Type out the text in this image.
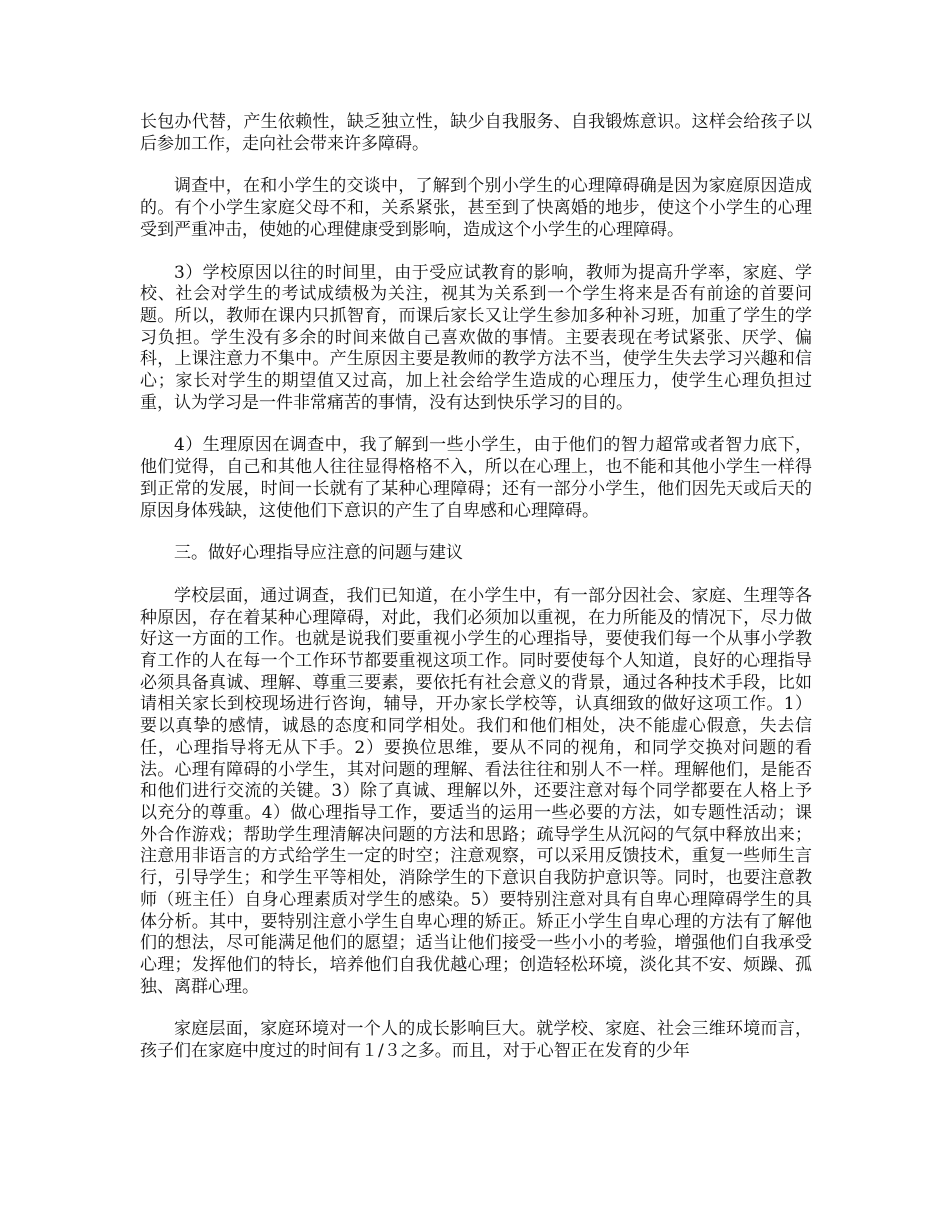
长包办代替，产生依赖性，缺乏独立性，缺少自我服务、自我锻炼意识。这样会给孩子以后参加工作，走向社会带来许多障碍。

调查中，在和小学生的交谈中，了解到个别小学生的心理障碍确是因为家庭原因造成的。有个小学生家庭父母不和，关系紧张，甚至到了快离婚的地步，使这个小学生的心理受到严重冲击，使她的心理健康受到影响，造成这个小学生的心理障碍。

3）学校原因以往的时间里，由于受应试教育的影响，教师为提高升学率，家庭、学校、社会对学生的考试成绩极为关注，视其为关系到一个学生将来是否有前途的首要问题。所以，教师在课内只抓智育，而课后家长又让学生参加多种补习班，加重了学生的学习负担。学生没有多余的时间来做自己喜欢做的事情。主要表现在考试紧张、厌学、偏科，上课注意力不集中。产生原因主要是教师的教学方法不当，使学生失去学习兴趣和信心；家长对学生的期望值又过高，加上社会给学生造成的心理压力，使学生心理负担过重，认为学习是一件非常痛苦的事情，没有达到快乐学习的目的。

4）生理原因在调查中，我了解到一些小学生，由于他们的智力超常或者智力底下，他们觉得，自己和其他人往往显得格格不入，所以在心理上，也不能和其他小学生一样得到正常的发展，时间一长就有了某种心理障碍；还有一部分小学生，他们因先天或后天的原因身体残缺，这使他们下意识的产生了自卑感和心理障碍。

三。做好心理指导应注意的问题与建议

学校层面，通过调查，我们已知道，在小学生中，有一部分因社会、家庭、生理等各种原因，存在着某种心理障碍，对此，我们必须加以重视，在力所能及的情况下，尽力做好这一方面的工作。也就是说我们要重视小学生的心理指导，要使我们每一个从事小学教育工作的人在每一个工作环节都要重视这项工作。同时要使每个人知道，良好的心理指导必须具备真诚、理解、尊重三要素，要依托有社会意义的背景，通过各种技术手段，比如请相关家长到校现场进行咨询，辅导，开办家长学校等，认真细致的做好这项工作。1）要以真挚的感情，诚恳的态度和同学相处。我们和他们相处，决不能虚心假意，失去信任，心理指导将无从下手。2）要换位思维，要从不同的视角，和同学交换对问题的看法。心理有障碍的小学生，其对问题的理解、看法往往和别人不一样。理解他们，是能否和他们进行交流的关键。3）除了真诚、理解以外，还要注意对每个同学都要在人格上予以充分的尊重。4）做心理指导工作，要适当的运用一些必要的方法，如专题性活动；课外合作游戏；帮助学生理清解决问题的方法和思路；疏导学生从沉闷的气氛中释放出来；注意用非语言的方式给学生一定的时空；注意观察，可以采用反馈技术，重复一些师生言行，引导学生；和学生平等相处，消除学生的下意识自我防护意识等。同时，也要注意教师（班主任）自身心理素质对学生的感染。5）要特别注意对具有自卑心理障碍学生的具体分析。其中，要特别注意小学生自卑心理的矫正。矫正小学生自卑心理的方法有了解他们的想法，尽可能满足他们的愿望；适当让他们接受一些小小的考验，增强他们自我承受心理；发挥他们的特长，培养他们自我优越心理；创造轻松环境，淡化其不安、烦躁、孤独、离群心理。

家庭层面，家庭环境对一个人的成长影响巨大。就学校、家庭、社会三维环境而言，孩子们在家庭中度过的时间有１/３之多。而且，对于心智正在发育的少年
